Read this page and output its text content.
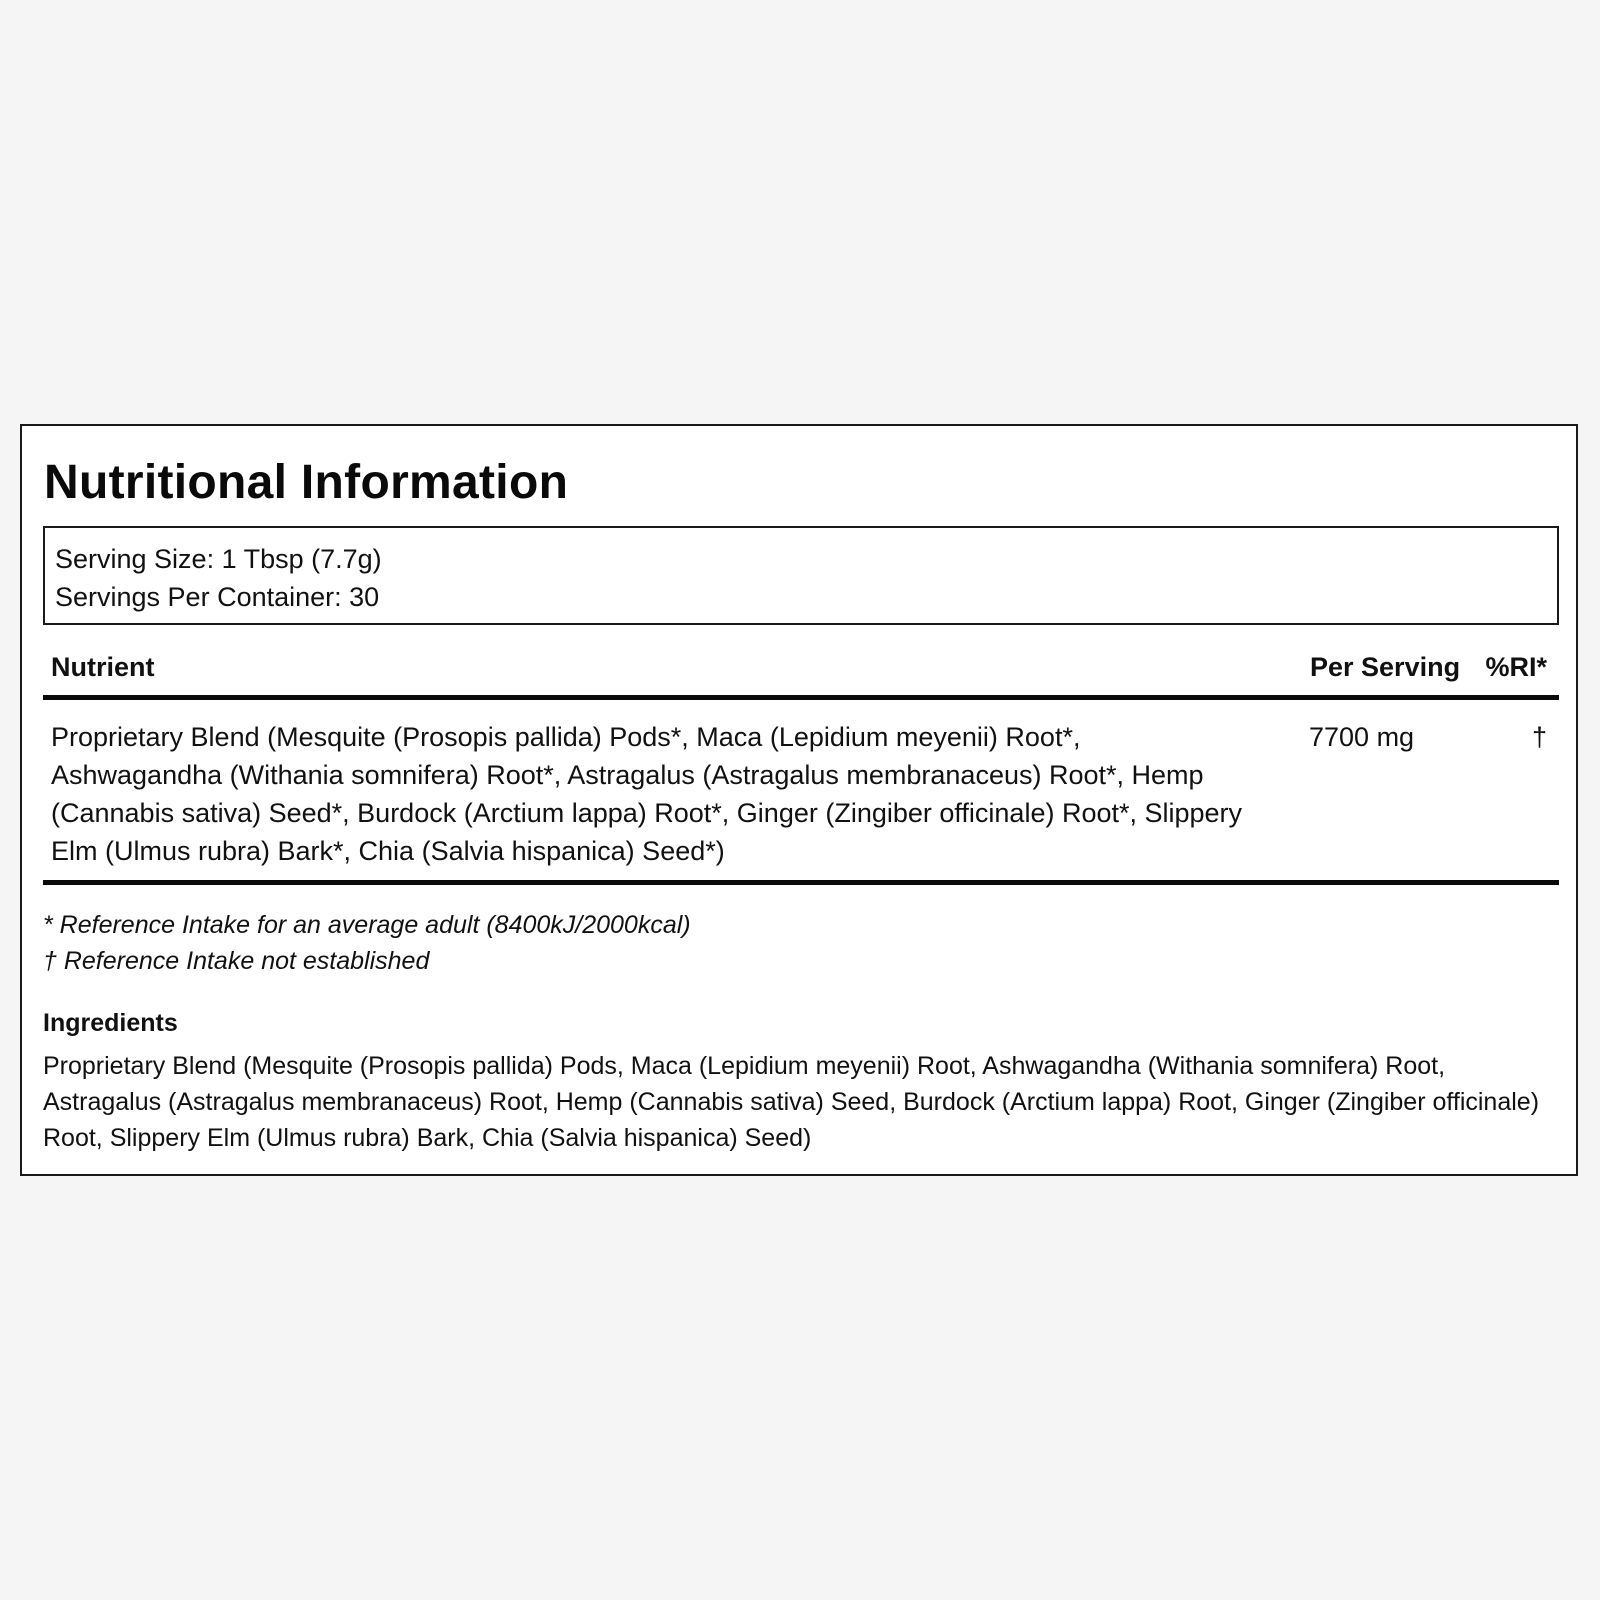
Nutritional Information
Serving Size: 1 Tbsp (7.7g)
Servings Per Container: 30
Nutrient	Per Serving %RI*
Proprietary Blend (Mesquite (Prosopis pallida) Pods*, Maca (Lepidium meyenii) Root*, Ashwagandha (Withania somnifera) Root*, Astragalus (Astragalus membranaceus) Root*, Hemp (Cannabis sativa) Seed*, Burdock (Arctium lappa) Root*, Ginger (Zingiber officinale) Root*, Slippery Elm (Ulmus rubra) Bark*, Chia (Salvia hispanica) Seed*)
7700 mg	†
* Reference Intake for an average adult (8400kJ/2000kcal)
† Reference Intake not established
Ingredients
Proprietary Blend (Mesquite (Prosopis pallida) Pods, Maca (Lepidium meyenii) Root, Ashwagandha (Withania somnifera) Root, Astragalus (Astragalus membranaceus) Root, Hemp (Cannabis sativa) Seed, Burdock (Arctium lappa) Root, Ginger (Zingiber officinale) Root, Slippery Elm (Ulmus rubra) Bark, Chia (Salvia hispanica) Seed)
